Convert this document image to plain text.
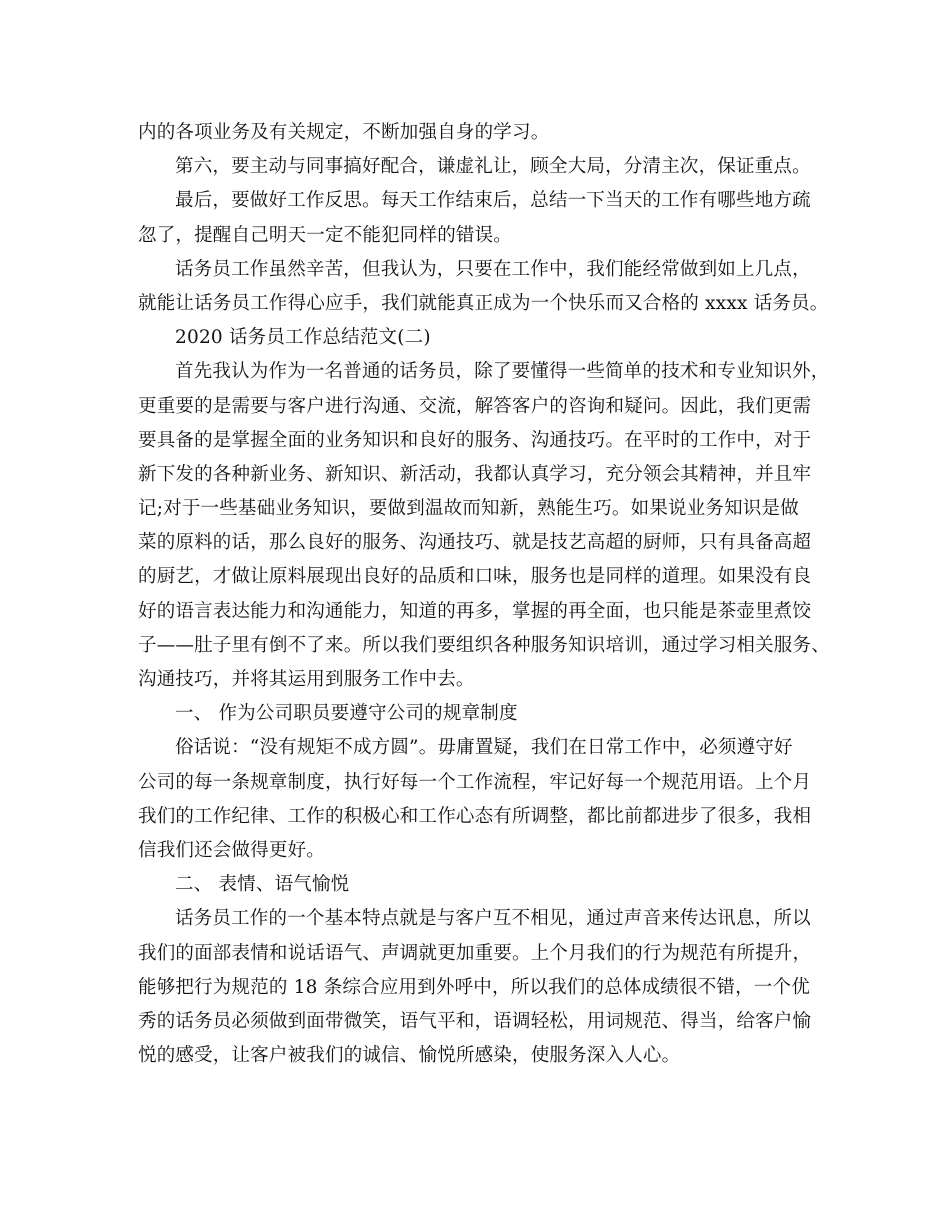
内的各项业务及有关规定，不断加强自身的学习。
第六，要主动与同事搞好配合，谦虚礼让，顾全大局，分清主次，保证重点。
最后，要做好工作反思。每天工作结束后，总结一下当天的工作有哪些地方疏
忽了，提醒自己明天一定不能犯同样的错误。
话务员工作虽然辛苦，但我认为，只要在工作中，我们能经常做到如上几点，
就能让话务员工作得心应手，我们就能真正成为一个快乐而又合格的 xxxx 话务员。
2020 话务员工作总结范文(二)
首先我认为作为一名普通的话务员，除了要懂得一些简单的技术和专业知识外，
更重要的是需要与客户进行沟通、交流，解答客户的咨询和疑问。因此，我们更需
要具备的是掌握全面的业务知识和良好的服务、沟通技巧。在平时的工作中，对于
新下发的各种新业务、新知识、新活动，我都认真学习，充分领会其精神，并且牢
记;对于一些基础业务知识，要做到温故而知新，熟能生巧。如果说业务知识是做
菜的原料的话，那么良好的服务、沟通技巧、就是技艺高超的厨师，只有具备高超
的厨艺，才做让原料展现出良好的品质和口味，服务也是同样的道理。如果没有良
好的语言表达能力和沟通能力，知道的再多，掌握的再全面，也只能是茶壶里煮饺
子——肚子里有倒不了来。所以我们要组织各种服务知识培训，通过学习相关服务、
沟通技巧，并将其运用到服务工作中去。
一、 作为公司职员要遵守公司的规章制度
俗话说：“没有规矩不成方圆”。毋庸置疑，我们在日常工作中，必须遵守好
公司的每一条规章制度，执行好每一个工作流程，牢记好每一个规范用语。上个月
我们的工作纪律、工作的积极心和工作心态有所调整，都比前都进步了很多，我相
信我们还会做得更好。
二、 表情、语气愉悦
话务员工作的一个基本特点就是与客户互不相见，通过声音来传达讯息，所以
我们的面部表情和说话语气、声调就更加重要。上个月我们的行为规范有所提升，
能够把行为规范的 18 条综合应用到外呼中，所以我们的总体成绩很不错，一个优
秀的话务员必须做到面带微笑，语气平和，语调轻松，用词规范、得当，给客户愉
悦的感受，让客户被我们的诚信、愉悦所感染，使服务深入人心。
